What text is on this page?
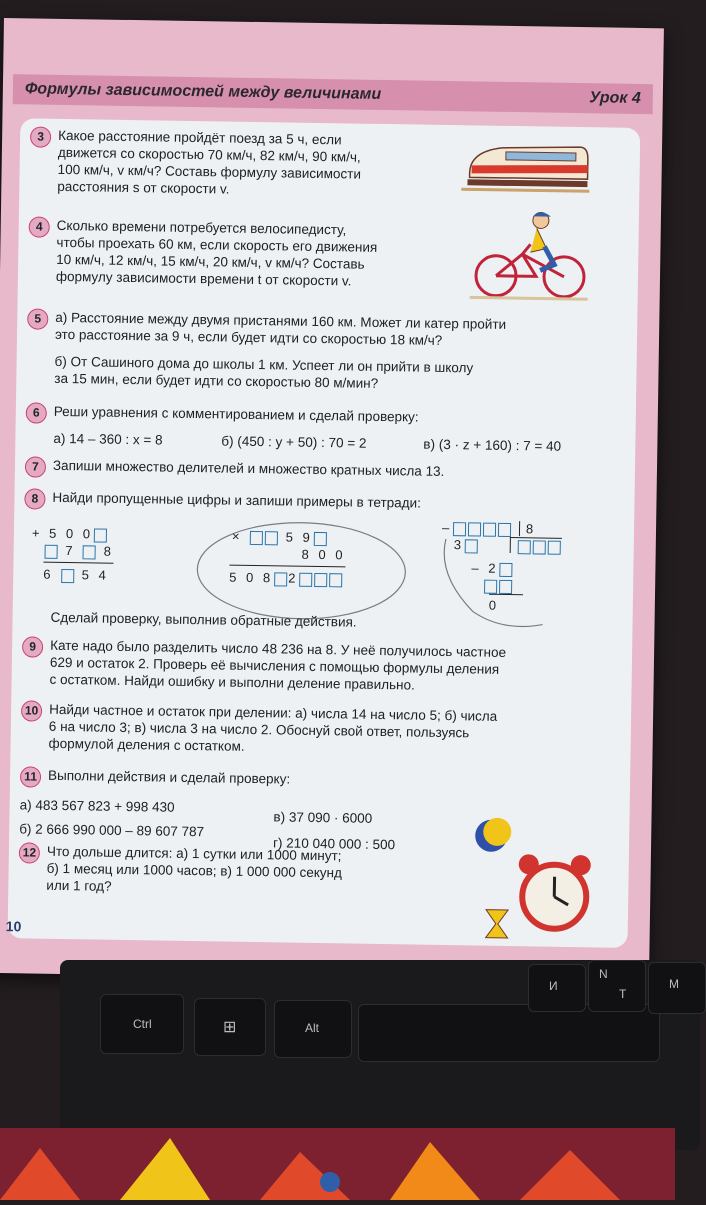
Формулы зависимостей между величинами	Урок 4
3	Какое расстояние пройдёт поезд за 5 ч, если
движется со скоростью 70 км/ч, 82 км/ч, 90 км/ч,
100 км/ч, v км/ч? Составь формулу зависимости
расстояния s от скорости v.
4	Сколько времени потребуется велосипедисту,
чтобы проехать 60 км, если скорость его движения
10 км/ч, 12 км/ч, 15 км/ч, 20 км/ч, v км/ч? Составь
формулу зависимости времени t от скорости v.
5	а) Расстояние между двумя пристанями 160 км. Может ли катер пройти
это расстояние за 9 ч, если будет идти со скоростью 18 км/ч?
б) От Сашиного дома до школы 1 км. Успеет ли он прийти в школу
за 15 мин, если будет идти со скоростью 80 м/мин?
6	Реши уравнения с комментированием и сделай проверку:
а) 14 – 360 : x = 8	б) (450 : y + 50) : 70 = 2	в) (3 · z + 160) : 7 = 40
7	Запиши множество делителей и множество кратных числа 13.
8	Найди пропущенные цифры и запиши примеры в тетради:
+ 5 0 0
7 8
6 5 4
×	5 9
8 0 0
5 0 8 2
–	8
3
– 2
0
Сделай проверку, выполнив обратные действия.
9	Кате надо было разделить число 48 236 на 8. У неё получилось частное
629 и остаток 2. Проверь её вычисления с помощью формулы деления
с остатком. Найди ошибку и выполни деление правильно.
10 Найди частное и остаток при делении: а) числа 14 на число 5; б) числа
6 на число 3; в) числа 3 на число 2. Обоснуй свой ответ, пользуясь
формулой деления с остатком.
11 Выполни действия и сделай проверку:
а) 483 567 823 + 998 430
б) 2 666 990 000 – 89 607 787
в) 37 090 · 6000
г) 210 040 000 : 500
12 Что дольше длится: а) 1 сутки или 1000 минут;
б) 1 месяц или 1000 часов; в) 1 000 000 секунд
или 1 год?
10
Ctrl	⊞	Alt
И
N
Т
М
